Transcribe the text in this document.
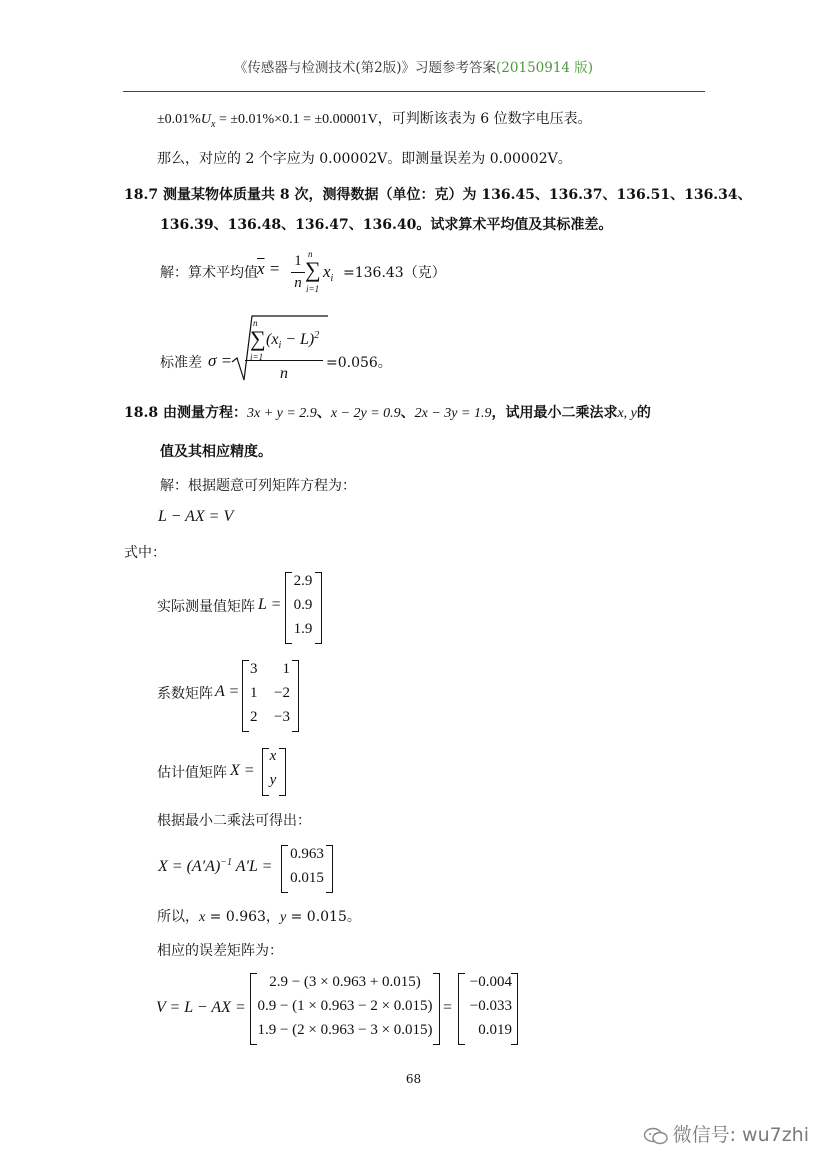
《传感器与检测技术(第2版)》习题参考答案(20150914 版)
$\pm 0.01\%U_x = \pm 0.01\%\times 0.1 = \pm 0.00001V$，可判断该表为 6 位数字电压表。
那么，对应的 2 个字应为 0.00002V。即测量误差为 0.00002V。
18.7 测量某物体质量共 8 次，测得数据（单位：克）为 136.45、136.37、136.51、136.34、
136.39、136.48、136.47、136.40。试求算术平均值及其标准差。
解：算术平均值 $\overline{x} = 1$
n
n
∑
i=1
$x_i =136.43$（克）
标准差 σ =
n
∑
i=1
$(x_i - L)^2$
n
=0.056。
18.8 由测量方程：3x + y = 2.9、x − 2y = 0.9、2x − 3y = 1.9，试用最小二乘法求x, y的
值及其相应精度。
解：根据题意可列矩阵方程为：
L − AX = V
式中：
实际测量值矩阵 L =
2.9
0.9
1.9
系数矩阵 A =
3	1
1	−2
2	−3
估计值矩阵 X =
x
y
根据最小二乘法可得出：
$X = (A'A)^{-1}$ A′L =
0.963
0.015
所以，x = 0.963，y = 0.015。
相应的误差矩阵为：
V = L − AX =
2.9 − (3 × 0.963 + 0.015)
0.9 − (1 × 0.963 − 2 × 0.015)
1.9 − (2 × 0.963 − 3 × 0.015)
=
−0.004
−0.033
0.019
68
微信号: wu7zhi
